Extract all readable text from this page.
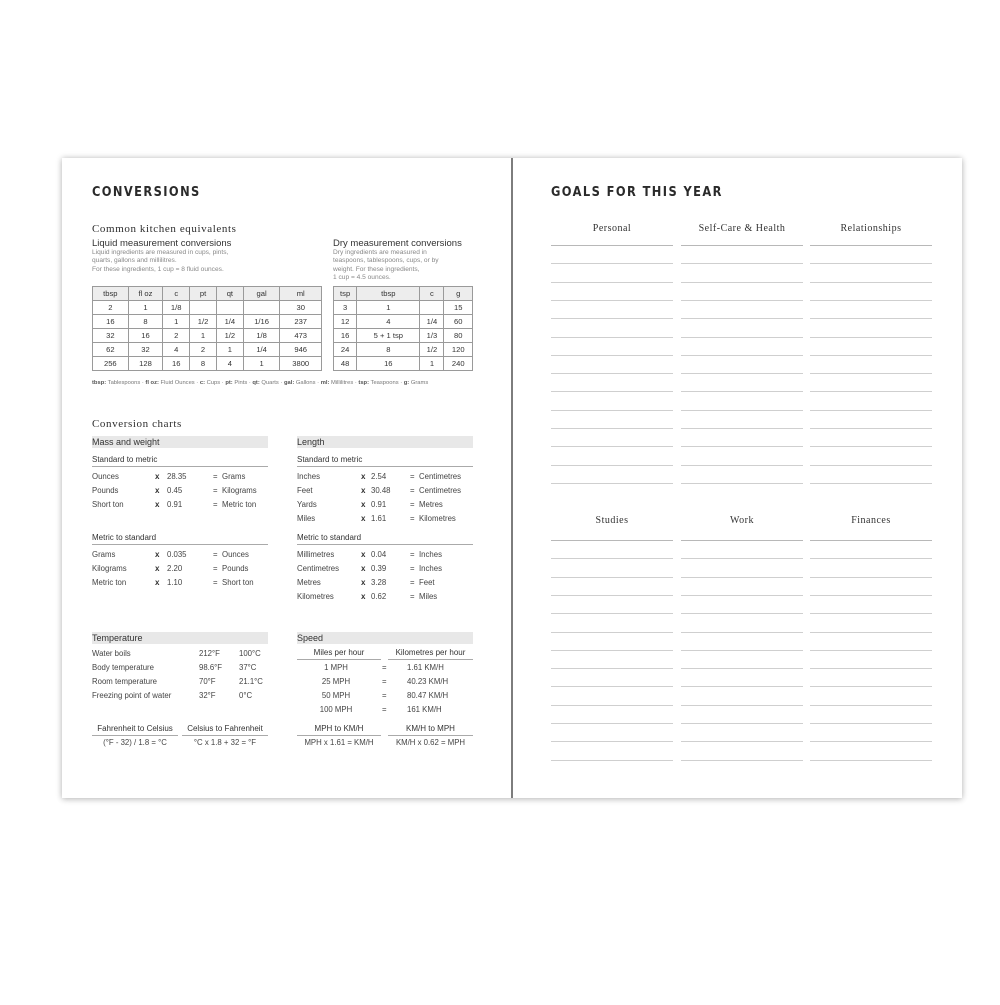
CONVERSIONS
Common kitchen equivalents
Liquid measurement conversions
Liquid ingredients are measured in cups, pints,
quarts, gallons and millilitres.
For these ingredients, 1 cup = 8 fluid ounces.
tbsp	fl oz	c	pt	qt	gal	ml
2	1	1/8				30
16	8	1	1/2	1/4	1/16	237
32	16	2	1	1/2	1/8	473
62	32	4	2	1	1/4	946
256	128	16	8	4	1	3800
Dry measurement conversions
Dry ingredients are measured in
teaspoons, tablespoons, cups, or by
weight. For these ingredients,
1 cup = 4.5 ounces.
tsp	tbsp	c	g
3	1		15
12	4	1/4	60
16	5 + 1 tsp	1/3	80
24	8	1/2	120
48	16	1	240
tbsp: Tablespoons · fl oz: Fluid Ounces · c: Cups · pt: Pints · qt: Quarts · gal: Gallons · ml: Millilitres · tsp: Teaspoons · g: Grams
Conversion charts
Mass and weight
Standard to metric
Ounces	x 28.35	= Grams
Pounds	x 0.45	= Kilograms
Short ton	x 0.91	= Metric ton
Metric to standard
Grams	x 0.035	= Ounces
Kilograms	x 2.20	= Pounds
Metric ton	x 1.10	= Short ton
Length
Standard to metric
Inches	x 2.54	= Centimetres
Feet	x 30.48 = Centimetres
Yards	x 0.91	= Metres
Miles	x 1.61	= Kilometres
Metric to standard
Millimetres	x 0.04	= Inches
Centimetres	x 0.39	= Inches
Metres	x 3.28	= Feet
Kilometres	x 0.62	= Miles
Temperature
Water boils	212°F 100°C
Body temperature	98.6°F 37°C
Room temperature	70°F	21.1°C
Freezing point of water	32°F	0°C
Fahrenheit to Celsius
(°F - 32) / 1.8 = °C
Celsius to Fahrenheit
°C x 1.8 + 32 = °F
Speed
Miles per hour	Kilometres per hour
1 MPH	=	1.61 KM/H
25 MPH	=	40.23 KM/H
50 MPH	=	80.47 KM/H
100 MPH	=	161 KM/H
MPH to KM/H
MPH x 1.61 = KM/H
KM/H to MPH
KM/H x 0.62 = MPH
GOALS FOR THIS YEAR
Personal	Self-Care & Health	Relationships
Studies	Work	Finances
